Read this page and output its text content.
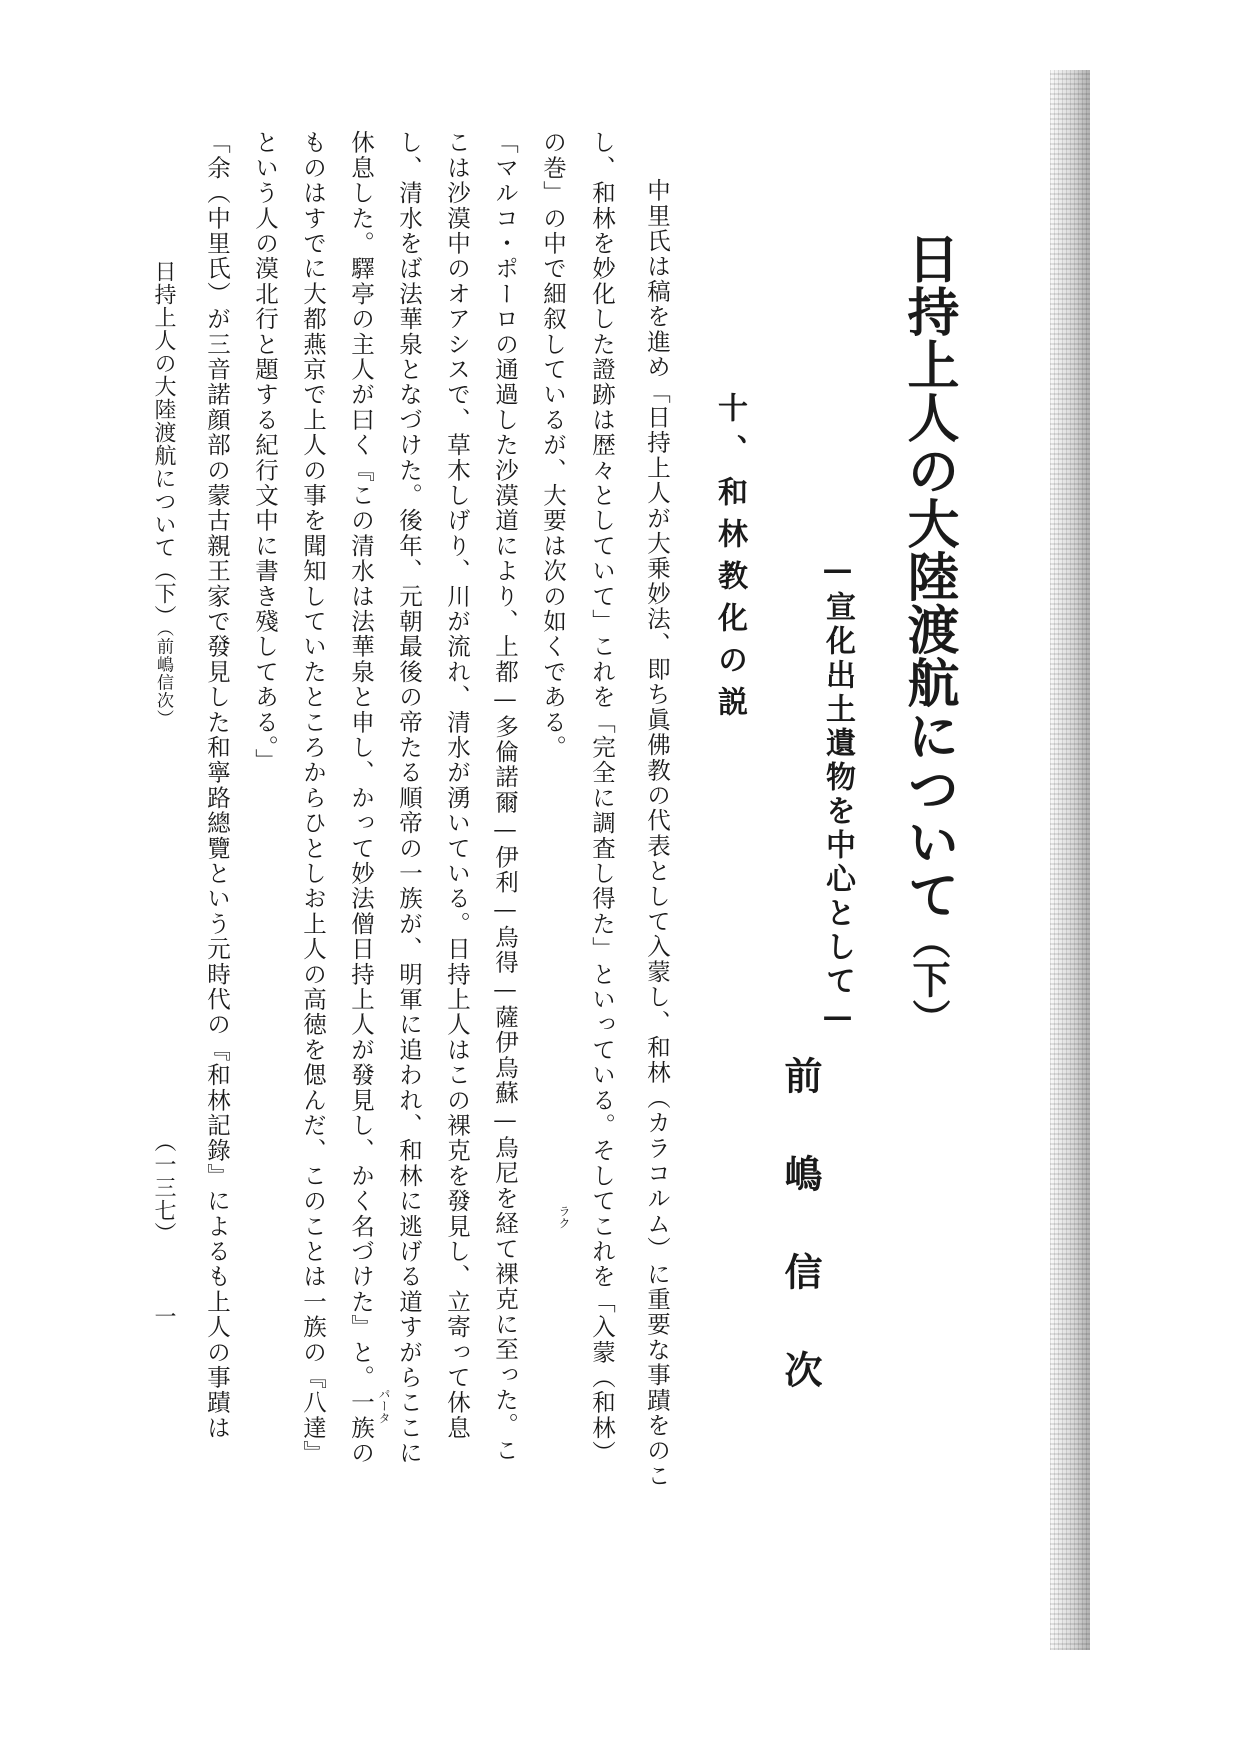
日持上人の大陸渡航について（下）
—宣化出土遺物を中心として—
前嶋信次
十、和林教化の説
中里氏は稿を進め「日持上人が大乗妙法、即ち眞佛教の代表として入蒙し、和林（カラコルム）に重要な事蹟をのこ
し、和林を妙化した證跡は歴々としていて」これを「完全に調査し得た」といっている。そしてこれを「入蒙（和林）
の巻」の中で細叙しているが、大要は次の如くである。
「マルコ・ポーロの通過した沙漠道により、上都—多倫諾爾—伊利—烏得—薩伊烏蘇—烏尼を経て裸克に至った。こ
こは沙漠中のオアシスで、草木しげり、川が流れ、清水が湧いている。日持上人はこの裸克を發見し、立寄って休息
し、清水をば法華泉となづけた。後年、元朝最後の帝たる順帝の一族が、明軍に追われ、和林に逃げる道すがらここに
休息した。驛亭の主人が曰く『この清水は法華泉と申し、かって妙法僧日持上人が發見し、かく名づけた』と。一族の
ものはすでに大都燕京で上人の事を聞知していたところからひとしお上人の高徳を偲んだ、このことは一族の『八達』
という人の漠北行と題する紀行文中に書き殘してある。」
「余（中里氏）が三音諾顔部の蒙古親王家で發見した和寧路總覽という元時代の『和林記錄』によるも上人の事蹟は	ラク
パータ
日持上人の大陸渡航について（下）（前嶋信次）
（一三七）
一
